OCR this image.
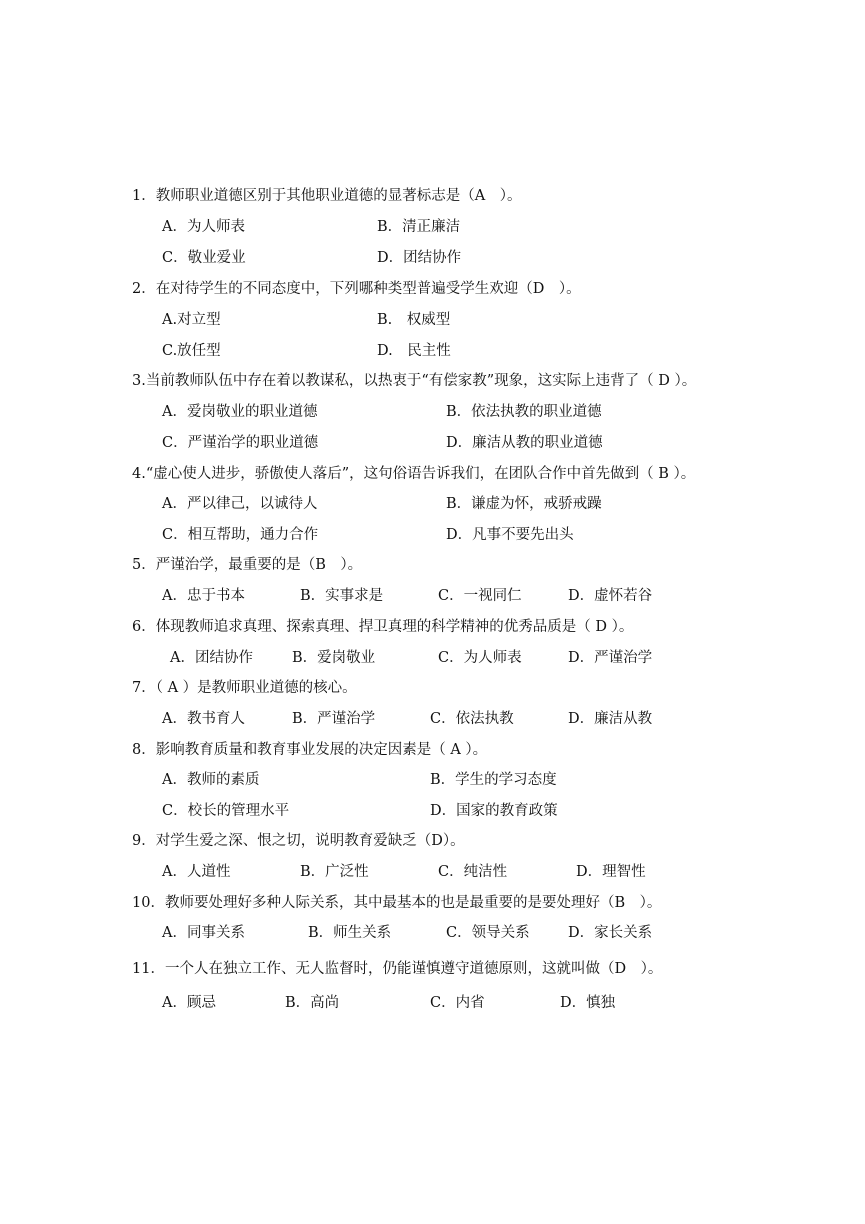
1．教师职业道德区别于其他职业道德的显著标志是（A　）。
A．为人师表	B．清正廉洁
C．敬业爱业	D．团结协作
2．在对待学生的不同态度中，下列哪种类型普遍受学生欢迎（D　）。
A.对立型	B.　权威型
C.放任型	D.　民主性
3.当前教师队伍中存在着以教谋私，以热衷于“有偿家教”现象，这实际上违背了（ D ）。
A．爱岗敬业的职业道德	B．依法执教的职业道德
C．严谨治学的职业道德	D．廉洁从教的职业道德
4.“虚心使人进步，骄傲使人落后”，这句俗语告诉我们，在团队合作中首先做到（ B ）。
A．严以律己，以诚待人	B．谦虚为怀，戒骄戒躁
C．相互帮助，通力合作	D．凡事不要先出头
5．严谨治学，最重要的是（B　）。
A．忠于书本	B．实事求是	C．一视同仁	D．虚怀若谷
6．体现教师追求真理、探索真理、捍卫真理的科学精神的优秀品质是（ D ）。
A．团结协作	B．爱岗敬业	C．为人师表	D．严谨治学
7．（ A ）是教师职业道德的核心。
A．教书育人	B．严谨治学	C．依法执教	D．廉洁从教
8．影响教育质量和教育事业发展的决定因素是（ A ）。
A．教师的素质	B．学生的学习态度
C．校长的管理水平	D．国家的教育政策
9．对学生爱之深、恨之切，说明教育爱缺乏（D）。
A．人道性	B．广泛性	C．纯洁性	D．理智性
10．教师要处理好多种人际关系，其中最基本的也是最重要的是要处理好（B　）。
A．同事关系	B．师生关系	C．领导关系	D．家长关系
11．一个人在独立工作、无人监督时，仍能谨慎遵守道德原则，这就叫做（D　）。
A．顾忌	B．高尚	C．内省	D．慎独
